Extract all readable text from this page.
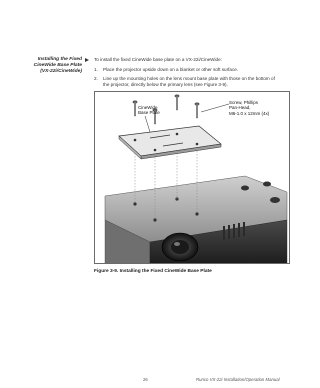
Installing the Fixed
CineWide Base Plate
(VX-22i/CineWide)
To install the fixed CineWide base plate on a VX-22i/CineWide:
1. Place the projector upside down on a blanket or other soft surface.
2. Line up the mounting holes on the lens mount base plate with those on the bottom of
the projector, directly below the primary lens (see Figure 3-9).
CineWide
Base Plate
Screw, Phillips
Pan-Head,
M6-1.0 x 12mm (4x)
Figure 3-9. Installing the Fixed CineWide Base Plate
26	Runco VX-22i Installation/Operation Manual
